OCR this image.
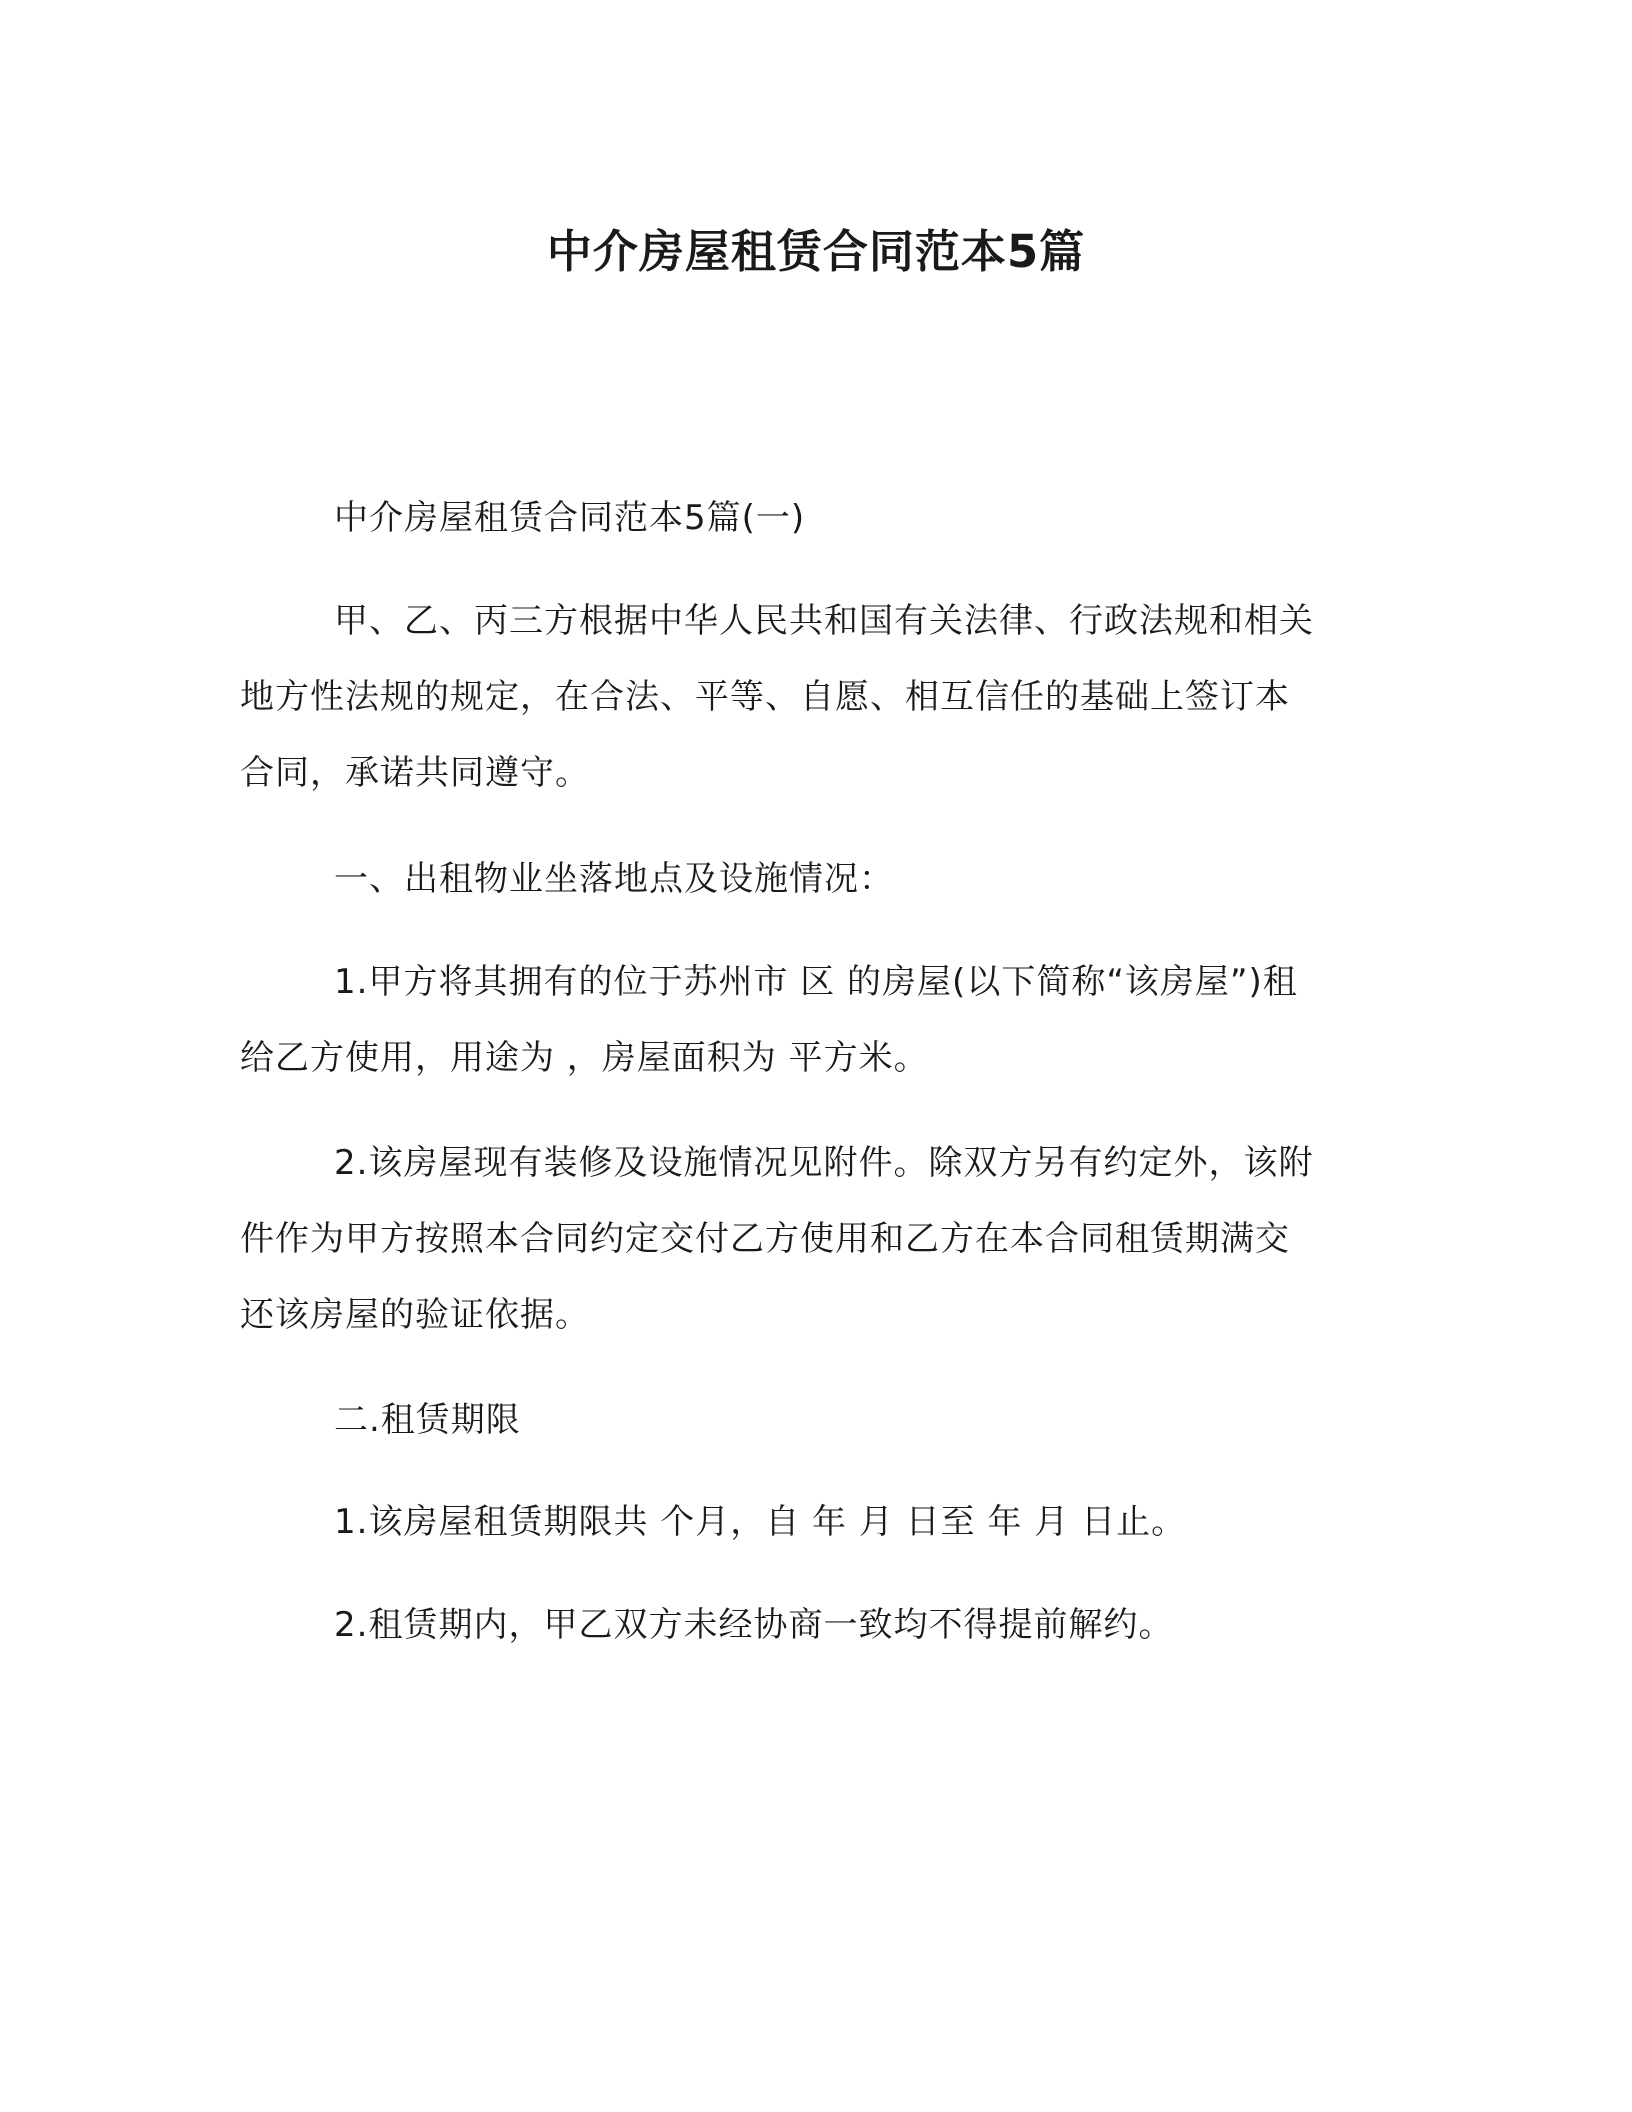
中介房屋租赁合同范本5篇
中介房屋租赁合同范本5篇(一)
甲、乙、丙三方根据中华人民共和国有关法律、行政法规和相关
地方性法规的规定，在合法、平等、自愿、相互信任的基础上签订本
合同，承诺共同遵守。
一、出租物业坐落地点及设施情况：
1.甲方将其拥有的位于苏州市 区 的房屋(以下简称“该房屋”)租
给乙方使用，用途为 ，房屋面积为 平方米。
2.该房屋现有装修及设施情况见附件。除双方另有约定外，该附
件作为甲方按照本合同约定交付乙方使用和乙方在本合同租赁期满交
还该房屋的验证依据。
二.租赁期限
1.该房屋租赁期限共 个月，自 年 月 日至 年 月 日止。
2.租赁期内，甲乙双方未经协商一致均不得提前解约。
